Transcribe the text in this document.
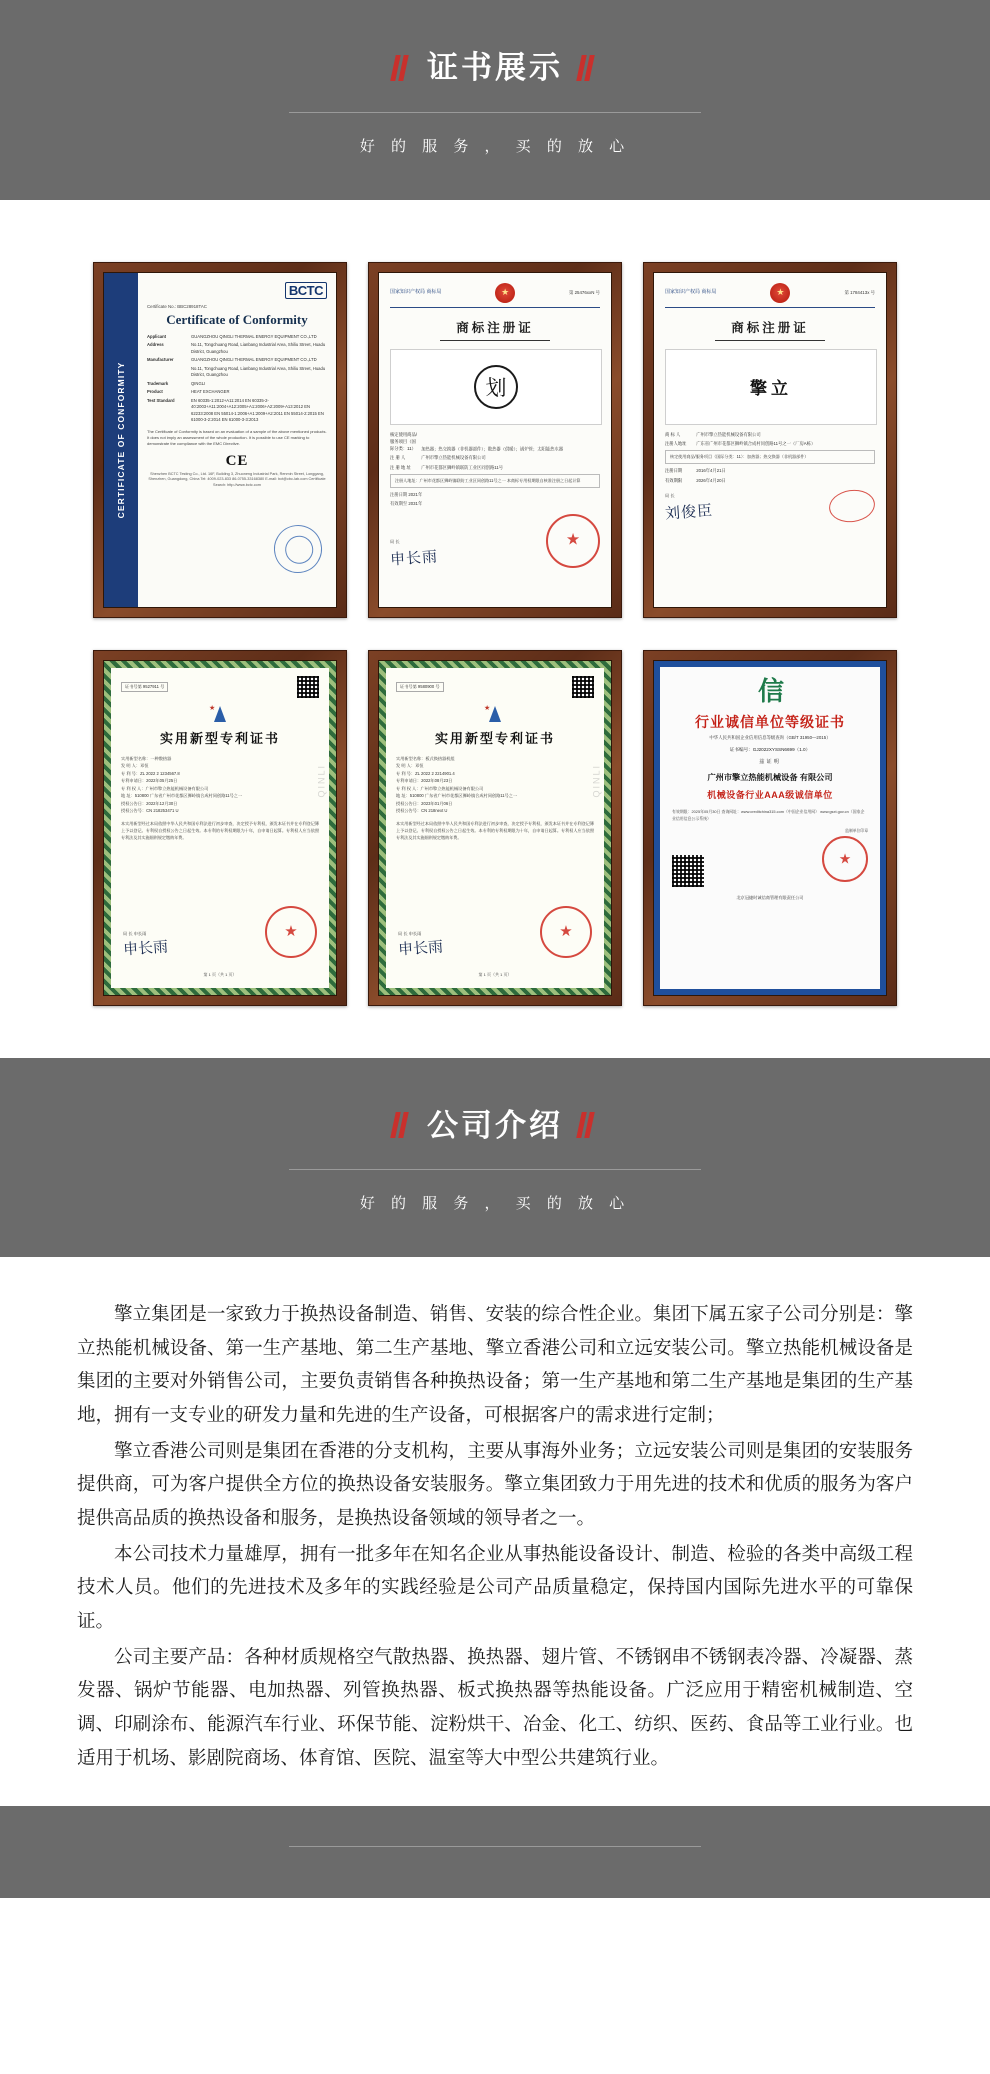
证书展示
好 的 服 务 ， 买 的 放 心
CERTIFICATE OF CONFORMITY
BCTC
Certificate No.: BBC28918TAC
Certificate of Conformity
Applicant	GUANGZHOU QINGLI THERMAL ENERGY EQUIPMENT CO.,LTD
Address	No.11, Tongchuang Road, Lianbang Industrial Area, Shiliu Street, Huadu District, Guangzhou
Manufacturer	GUANGZHOU QINGLI THERMAL ENERGY EQUIPMENT CO.,LTD
No.11, Tongchuang Road, Lianbang Industrial Area, Shiliu Street, Huadu District, Guangzhou
Trademark	QINGLI
Product	HEAT EXCHANGER
Test Standard	EN 60335-1:2012+A11:2014 EN 60335-2-40:2003+A11:2004+A12:2005+A1:2006+A2:2009+A13:2012 EN 62233:2008 EN 55014-1:2006+A1:2009+A2:2011 EN 55014-2:2015 EN 61000-3-2:2014 EN 61000-3-3:2013
The Certificate of Conformity is based on an evaluation of a sample of the above mentioned products. It does not imply an assessment of the whole production. It is possible to use CE marking to demonstrate the compliance with the EMC Directive.
CE
Shenzhen BCTC Testing Co., Ltd. 16F, Building 3, Zhuoneng Industrial Park, Renmin Street, Longgang, Shenzhen, Guangdong, China Tel: 4009-023-833 86-0755-33168380 E-mail: bct@cbc-lab.com Certificate Search: http://www.bctc.com
国家知识产权局 商标局 ★	第 25476xxN 号
商标注册证
划
核定使用商品/服务项目（国际分类：11） 加热器；热交换器（非机器部件）；散热器（供暖）；锅炉管；太阳能热水器
注 册 人	广州市擎立热能机械设备有限公司
注 册 地 址 广州市花都区狮岭镇联防工业区同创路11号
注册人地址：广州市花都区狮岭镇联防工业区同创路11号之一 本商标专用权期限自核准注册之日起计算
注册日期 2021年
有效期至 2031年
局 长
申长雨
★
国家知识产权局 商标局 ★	第 1784413x 号
商标注册证
擎立
商 标 人	广州市擎立热能机械设备有限公司
注册人地址 广东省广州市花都区狮岭镇合成村同创路11号之一（厂房A栋）
核定使用商品/服务项目（国际分类：11）：加热器；热交换器（非机器部件）
注册日期	2016年4月21日
有效期限	2026年4月20日
局 长
刘俊臣
证书号第 9527911 号
★
实用新型专利证书
实用新型名称：一种散热器
发 明 人：邓恒
专 利 号：ZL 2022 2 1234567.8
专利申请日：2022年05月25日
专 利 权 人：广州市擎立热能机械设备有限公司
地 址：510800 广东省广州市花都区狮岭镇合成村同创路11号之一
授权公告日：2022年12月30日
授权公告号：CN 218253471 U
本实用新型经过本局依照中华人民共和国专利法进行初步审查，决定授予专利权，颁发本证书并在专利登记簿上予以登记。专利权自授权公告之日起生效。本专利的专利权期限为十年，自申请日起算。专利权人应当依照专利法及其实施细则规定缴纳年费。
QINLI
局 长 申长雨
申长雨
★
第 1 页（共 1 页）
证书号第 9580900 号
★
实用新型专利证书
实用新型名称：板式换热器机组
发 明 人：邓恒
专 利 号：ZL 2022 2 2214901.4
专利申请日：2022年08月23日
专 利 权 人：广州市擎立热能机械设备有限公司
地 址：510800 广东省广州市花都区狮岭镇合成村同创路11号之一
授权公告日：2023年01月06日
授权公告号：CN 218next U
本实用新型经过本局依照中华人民共和国专利法进行初步审查，决定授予专利权，颁发本证书并在专利登记簿上予以登记。专利权自授权公告之日起生效。本专利的专利权期限为十年，自申请日起算。专利权人应当依照专利法及其实施细则规定缴纳年费。
QINLI
局 长 申长雨
申长雨
★
第 1 页（共 1 页）
信
行业诚信单位等级证书
中华人民共和国企业信用信息等级查询（GB/T 31950—2015）
证书编号：GJ2022XYSSN6699（1.0）
兹证明
广州市擎立热能机械设备 有限公司
机械设备行业AAA级诚信单位
有效期限：2025年05月30日 查询网址：www.creditchina315.com（中国企业信用网） www.gsxt.gov.cn（国家企业信用信息公示系统）
监制单位印章
★
北京冠捷时诚信商管理有限责任公司
公司介绍
好 的 服 务 ， 买 的 放 心

擎立集团是一家致力于换热设备制造、销售、安装的综合性企业。集团下属五家子公司分别是：擎立热能机械设备、第一生产基地、第二生产基地、擎立香港公司和立远安装公司。擎立热能机械设备是集团的主要对外销售公司，主要负责销售各种换热设备；第一生产基地和第二生产基地是集团的生产基地，拥有一支专业的研发力量和先进的生产设备，可根据客户的需求进行定制；

擎立香港公司则是集团在香港的分支机构，主要从事海外业务；立远安装公司则是集团的安装服务提供商，可为客户提供全方位的换热设备安装服务。擎立集团致力于用先进的技术和优质的服务为客户提供高品质的换热设备和服务，是换热设备领域的领导者之一。

本公司技术力量雄厚，拥有一批多年在知名企业从事热能设备设计、制造、检验的各类中高级工程技术人员。他们的先进技术及多年的实践经验是公司产品质量稳定，保持国内国际先进水平的可靠保证。

公司主要产品：各种材质规格空气散热器、换热器、翅片管、不锈钢串不锈钢表冷器、冷凝器、蒸发器、锅炉节能器、电加热器、列管换热器、板式换热器等热能设备。广泛应用于精密机械制造、空调、印刷涂布、能源汽车行业、环保节能、淀粉烘干、冶金、化工、纺织、医药、食品等工业行业。也适用于机场、影剧院商场、体育馆、医院、温室等大中型公共建筑行业。
